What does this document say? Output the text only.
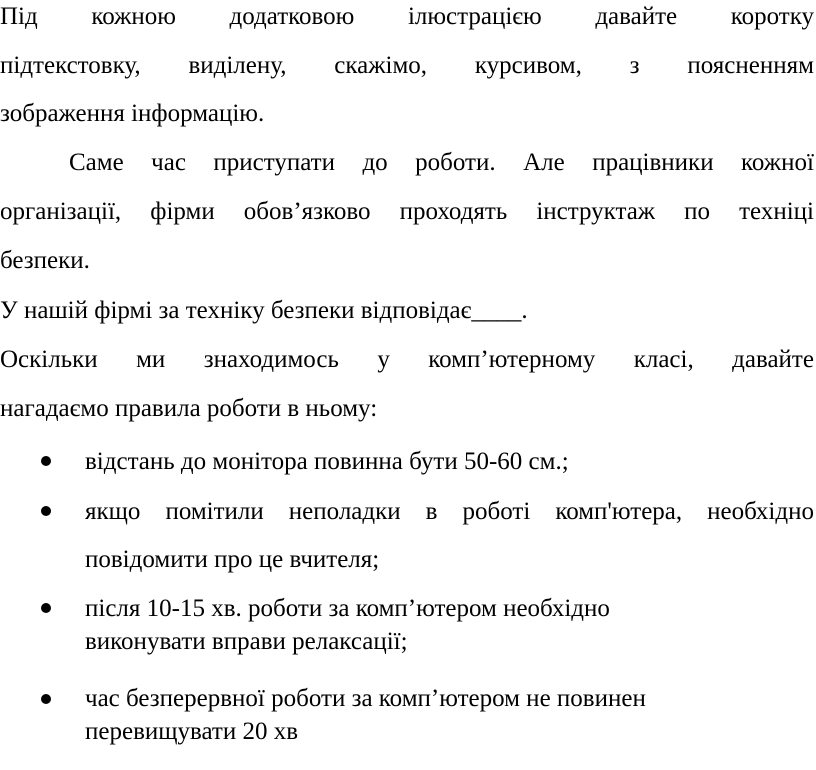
Під кожною додатковою ілюстрацією давайте коротку
підтекстовку, виділену, скажімо, курсивом, з поясненням
зображення інформацію.
Саме час приступати до роботи. Але працівники кожної
організації, фірми обов’язково проходять інструктаж по техніці
безпеки.
У нашій фірмі за техніку безпеки відповідає____.
Оскільки ми знаходимось у комп’ютерному класі, давайте
нагадаємо правила роботи в ньому:
відстань до монітора повинна бути 50-60 см.;
якщо помітили неполадки в роботі комп'ютера, необхідно
повідомити про це вчителя;
після 10-15 хв. роботи за комп’ютером необхідно
виконувати вправи релаксації;
час безперервної роботи за комп’ютером не повинен
перевищувати 20 хв
